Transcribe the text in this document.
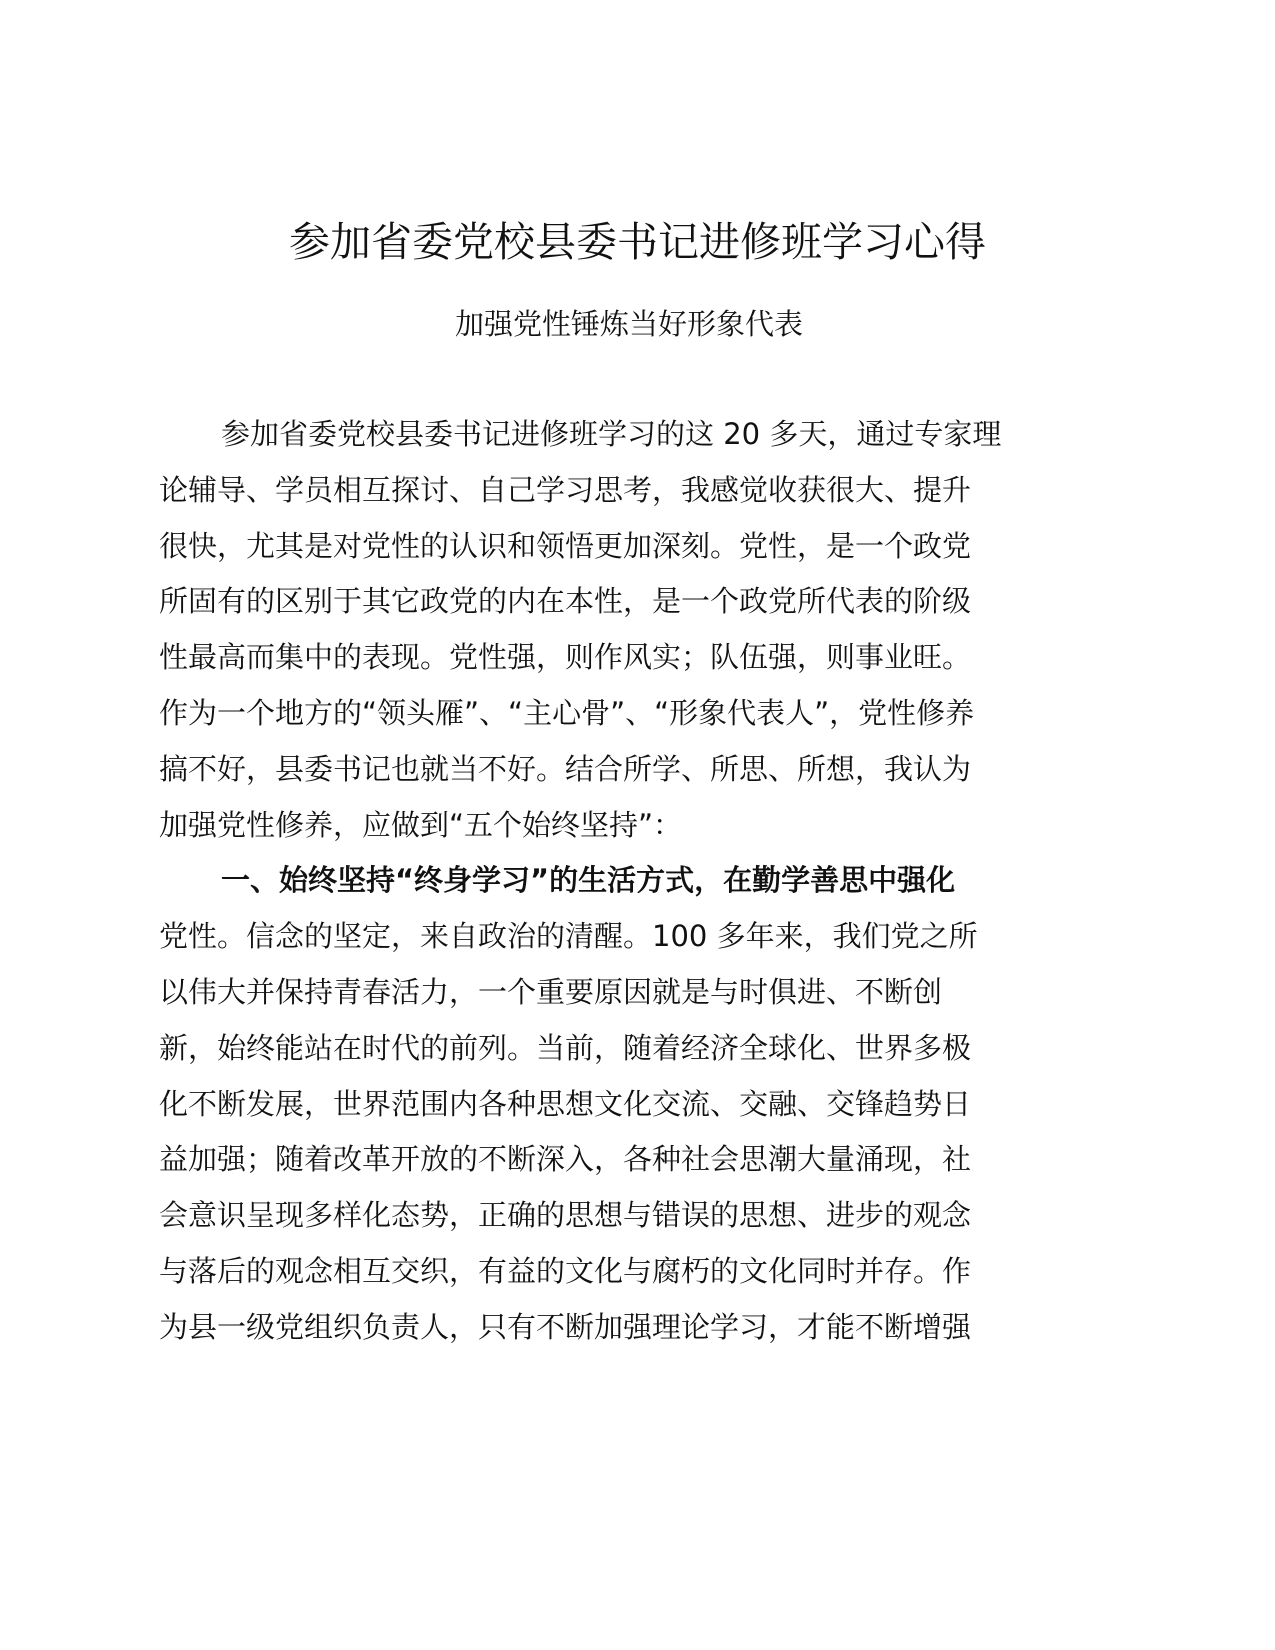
参加省委党校县委书记进修班学习心得

加强党性锤炼当好形象代表

参加省委党校县委书记进修班学习的这 20 多天，通过专家理
论辅导、学员相互探讨、自己学习思考，我感觉收获很大、提升
很快，尤其是对党性的认识和领悟更加深刻。党性，是一个政党
所固有的区别于其它政党的内在本性，是一个政党所代表的阶级
性最高而集中的表现。党性强，则作风实；队伍强，则事业旺。
作为一个地方的“领头雁”、“主心骨”、“形象代表人”，党性修养
搞不好，县委书记也就当不好。结合所学、所思、所想，我认为
加强党性修养，应做到“五个始终坚持”：
一、始终坚持“终身学习”的生活方式，在勤学善思中强化
党性。信念的坚定，来自政治的清醒。100 多年来，我们党之所
以伟大并保持青春活力，一个重要原因就是与时俱进、不断创
新，始终能站在时代的前列。当前，随着经济全球化、世界多极
化不断发展，世界范围内各种思想文化交流、交融、交锋趋势日
益加强；随着改革开放的不断深入，各种社会思潮大量涌现，社
会意识呈现多样化态势，正确的思想与错误的思想、进步的观念
与落后的观念相互交织，有益的文化与腐朽的文化同时并存。作
为县一级党组织负责人，只有不断加强理论学习，才能不断增强
